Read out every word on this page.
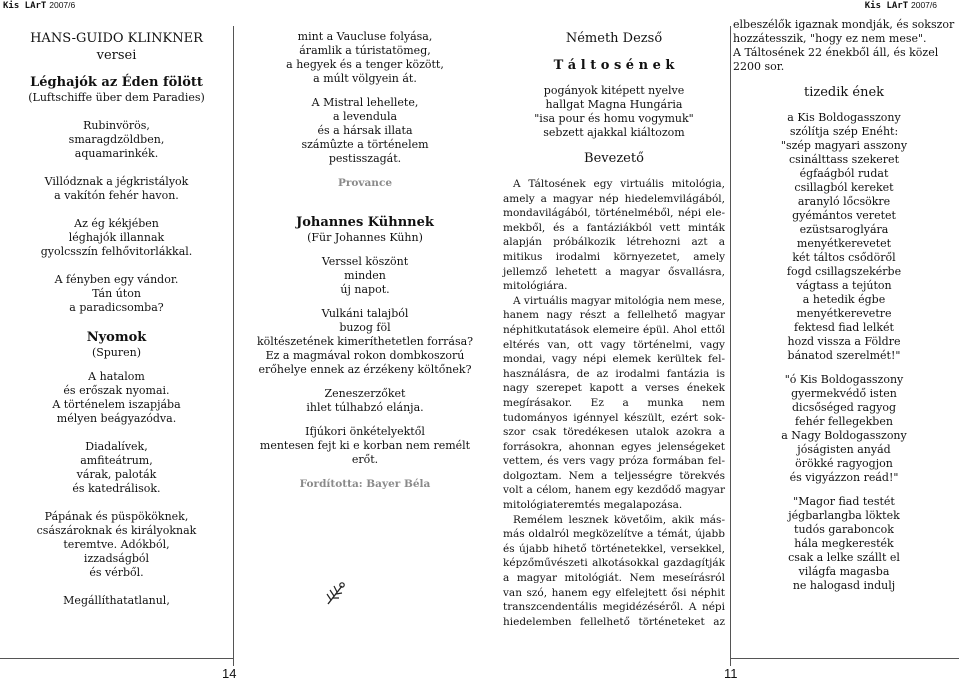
Kis LArT 2007/6	Kis LArT 2007/6
HANS-GUIDO KLINKNER
versei
Léghajók az Éden fölött
(Luftschiffe über dem Paradies)
Rubinvörös,
smaragdzöldben,
aquamarinkék.
Villódznak a jégkristályok
a vakítón fehér havon.
Az ég kékjében
léghajók illannak
gyolcsszín felhővitorlákkal.
A fényben egy vándor.
Tán úton
a paradicsomba?
Nyomok
(Spuren)
A hatalom
és erőszak nyomai.
A történelem iszapjába
mélyen beágyazódva.
Diadalívek,
amfiteátrum,
várak, paloták
és katedrálisok.
Pápának és püspököknek,
császároknak és királyoknak
teremtve. Adókból,
izzadságból
és vérből.
Megállíthatatlanul,
mint a Vaucluse folyása,
áramlik a túristatömeg,
a hegyek és a tenger között,
a múlt völgyein át.
A Mistral lehellete,
a levendula
és a hársak illata
számûzte a történelem
pestisszagát.
Provance
Johannes Kühnnek
(Für Johannes Kühn)
Verssel köszönt
minden
új napot.
Vulkáni talajból
buzog föl
költészetének kimeríthetetlen forrása?
Ez a magmával rokon dombkoszorú
erőhelye ennek az érzékeny költőnek?
Zeneszerzőket
ihlet túlhabzó elánja.
Ifjúkori önkételyektől
mentesen fejt ki e korban nem remélt
erőt.
Fordította: Bayer Béla
Németh Dezső
T á l t o s é n e k
pogányok kitépett nyelve
hallgat Magna Hungária
"isa pour és homu vogymuk"
sebzett ajakkal kiáltozom
Bevezető
A Táltosének egy virtuális mitológia,
amely a magyar nép hiedelemvilágából,
mondavilágából, történelméből, népi ele-
mekből, és a fantáziákból vett minták
alapján próbálkozik létrehozni azt a
mitikus irodalmi környezetet, amely
jellemző lehetett a magyar ősvallásra,
mitológiára.
A virtuális magyar mitológia nem mese,
hanem nagy részt a fellelhető magyar
néphitkutatások elemeire épül. Ahol ettől
eltérés van, ott vagy történelmi, vagy
mondai, vagy népi elemek kerültek fel-
használásra, de az irodalmi fantázia is
nagy szerepet kapott a verses énekek
megírásakor. Ez a munka nem
tudományos igénnyel készült, ezért sok-
szor csak töredékesen utalok azokra a
forrásokra, ahonnan egyes jelenségeket
vettem, és vers vagy próza formában fel-
dolgoztam. Nem a teljességre törekvés
volt a célom, hanem egy kezdődő magyar
mitológiateremtés megalapozása.
Remélem lesznek követőim, akik más-
más oldalról megközelítve a témát, újabb
és újabb hihető történetekkel, versekkel,
képzőművészeti alkotásokkal gazdagítják
a magyar mitológiát. Nem meseírásról
van szó, hanem egy elfelejtett ősi néphit
transzcendentális megidézéséről. A népi
hiedelemben fellelhető történeteket az
elbeszélők igaznak mondják, és sokszor
hozzátesszik, "hogy ez nem mese".
A Táltosének 22 énekből áll, és közel
2200 sor.
tizedik ének
a Kis Boldogasszony
szólítja szép Enéht:
"szép magyari asszony
csinálttass szekeret
égfaágból rudat
csillagból kereket
aranyló lőcsökre
gyémántos veretet
ezüstsaroglyára
menyétkerevetet
két táltos csődöről
fogd csillagszekérbe
vágtass a tejúton
a hetedik égbe
menyétkerevetre
fektesd fiad lelkét
hozd vissza a Földre
bánatod szerelmét!"
"ó Kis Boldogasszony
gyermekvédő isten
dicsőséged ragyog
fehér fellegekben
a Nagy Boldogasszony
jóságisten anyád
örökké ragyogjon
és vigyázzon reád!"
"Magor fiad testét
jégbarlangba löktek
tudós garaboncok
hála megkeresték
csak a lelke szállt el
világfa magasba
ne halogasd indulj
14	11
